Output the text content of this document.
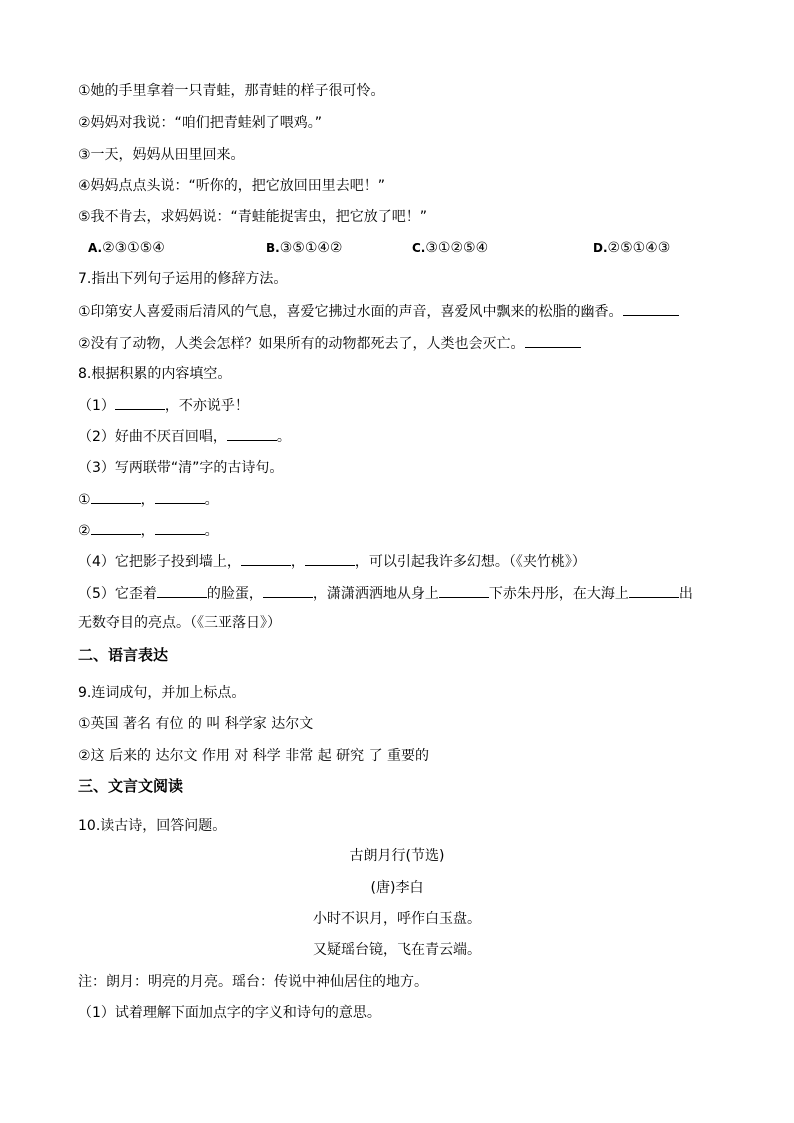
①她的手里拿着一只青蛙，那青蛙的样子很可怜。
②妈妈对我说：“咱们把青蛙剁了喂鸡。”
③一天，妈妈从田里回来。
④妈妈点点头说：“听你的，把它放回田里去吧！”
⑤我不肯去，求妈妈说：“青蛙能捉害虫，把它放了吧！”
A.②③①⑤④	B.③⑤①④②	C.③①②⑤④	D.②⑤①④③
7.指出下列句子运用的修辞方法。
①印第安人喜爱雨后清风的气息，喜爱它拂过水面的声音，喜爱风中飘来的松脂的幽香。
②没有了动物，人类会怎样？如果所有的动物都死去了，人类也会灭亡。
8.根据积累的内容填空。
（1）	，不亦说乎！
（2）好曲不厌百回唱，	。
（3）写两联带“清”字的古诗句。
①	，	。
②	，	。
（4）它把影子投到墙上，	，	，可以引起我许多幻想。（《夹竹桃》）
（5）它歪着	的脸蛋，	，潇潇洒洒地从身上	下赤朱丹彤，在大海上	出
无数夺目的亮点。（《三亚落日》）
二、语言表达
9.连词成句，并加上标点。
①英国 著名 有位 的 叫 科学家 达尔文
②这 后来的 达尔文 作用 对 科学 非常 起 研究 了 重要的
三、文言文阅读
10.读古诗，回答问题。
古朗月行(节选)
(唐)李白
小时不识月，呼作白玉盘。
又疑瑶台镜，飞在青云端。
注：朗月：明亮的月亮。瑶台：传说中神仙居住的地方。
（1）试着理解下面加点字的字义和诗句的意思。
